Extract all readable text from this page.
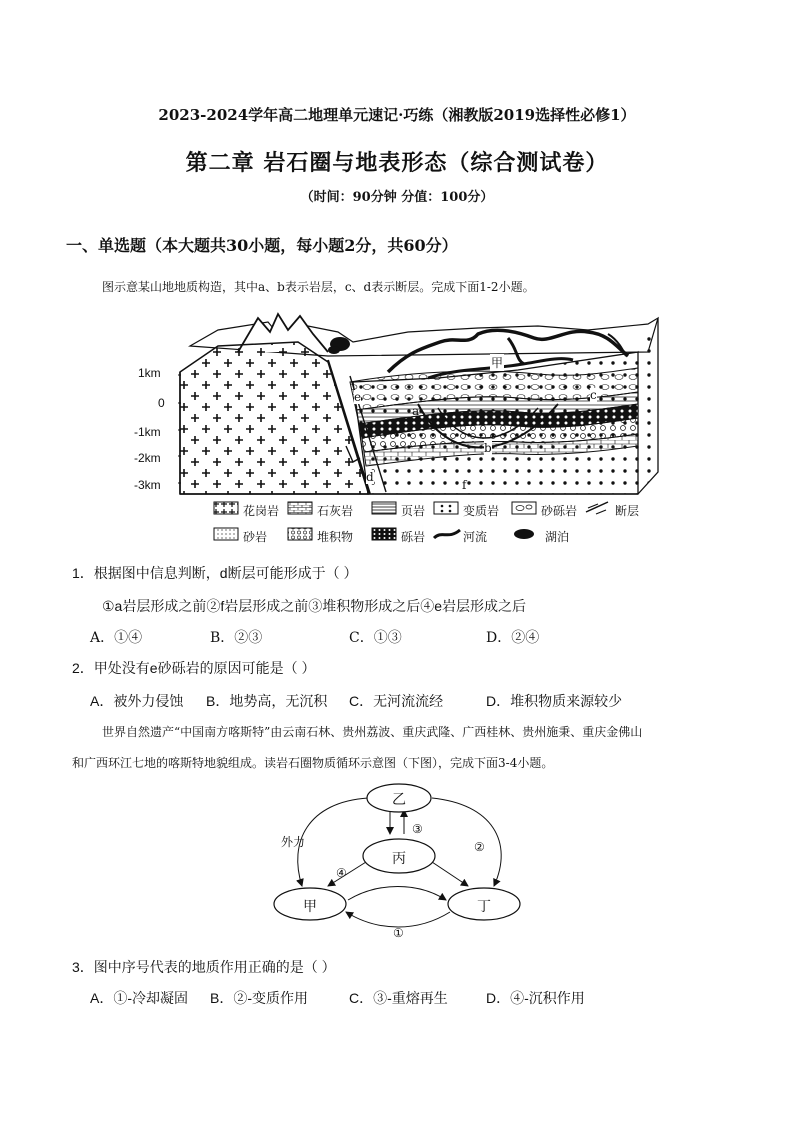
2023-2024学年高二地理单元速记·巧练（湘教版2019选择性必修1）
第二章 岩石圈与地表形态（综合测试卷）
（时间：90分钟 分值：100分）
一、单选题（本大题共30小题，每小题2分，共60分）
图示意某山地地质构造，其中a、b表示岩层，c、d表示断层。完成下面1-2小题。
1km
0
-1km
-2km
-3km
甲
e
a
c
b
f
d
花岗岩	石灰岩	页岩	变质岩	砂砾岩	断层
砂岩	堆积物	砾岩	河流	湖泊
1．根据图中信息判断，d断层可能形成于（ ）
①a岩层形成之前②f岩层形成之前③堆积物形成之后④e岩层形成之后
A．①④	B．②③	C．①③	D．②④
2．甲处没有e砂砾岩的原因可能是（ ）
A．被外力侵蚀 B．地势高，无沉积 C．无河流流经	D．堆积物质来源较少
世界自然遗产“中国南方喀斯特”由云南石林、贵州荔波、重庆武隆、广西桂林、贵州施秉、重庆金佛山
和广西环江七地的喀斯特地貌组成。读岩石圈物质循环示意图（下图），完成下面3-4小题。
乙
丙
甲	丁
外力
③
②
④
①
3．图中序号代表的地质作用正确的是（ ）
A．①-冷却凝固 B．②-变质作用	C．③-重熔再生	D．④-沉积作用
